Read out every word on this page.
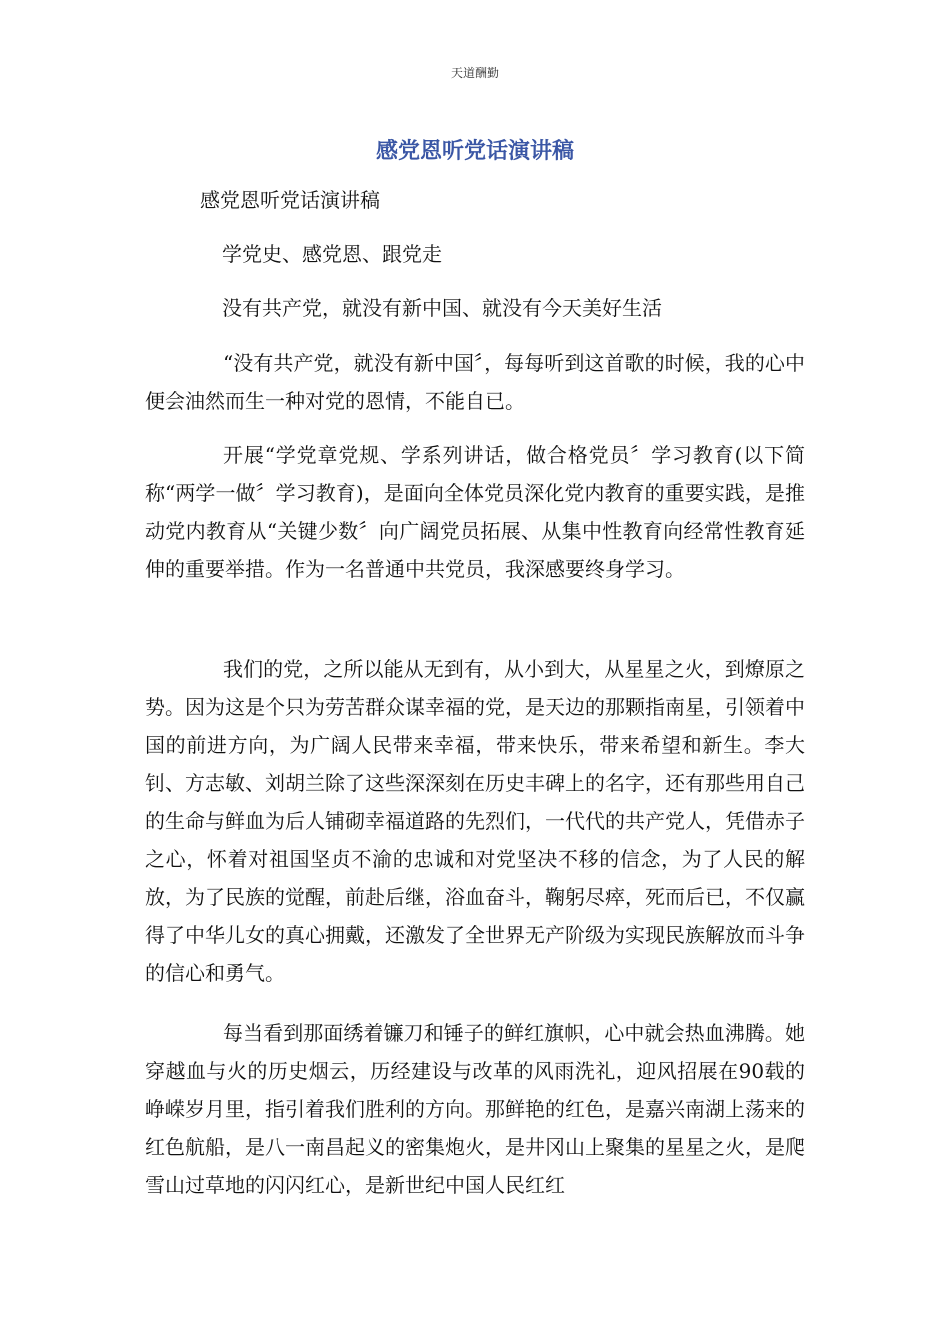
天道酬勤
感党恩听党话演讲稿
感党恩听党话演讲稿
学党史、感党恩、跟党走
没有共产党，就没有新中国、就没有今天美好生活

“没有共产党，就没有新中国〞，每每听到这首歌的时候，我的心中便会油然而生一种对党的恩情，不能自已。

开展“学党章党规、学系列讲话，做合格党员〞学习教育(以下简称“两学一做〞学习教育)，是面向全体党员深化党内教育的重要实践，是推动党内教育从“关键少数〞向广阔党员拓展、从集中性教育向经常性教育延伸的重要举措。作为一名普通中共党员，我深感要终身学习。

我们的党，之所以能从无到有，从小到大，从星星之火，到燎原之势。因为这是个只为劳苦群众谋幸福的党，是天边的那颗指南星，引领着中国的前进方向，为广阔人民带来幸福，带来快乐，带来希望和新生。李大钊、方志敏、刘胡兰除了这些深深刻在历史丰碑上的名字，还有那些用自己的生命与鲜血为后人铺砌幸福道路的先烈们，一代代的共产党人，凭借赤子之心，怀着对祖国坚贞不渝的忠诚和对党坚决不移的信念，为了人民的解放，为了民族的觉醒，前赴后继，浴血奋斗，鞠躬尽瘁，死而后已，不仅赢得了中华儿女的真心拥戴，还激发了全世界无产阶级为实现民族解放而斗争的信心和勇气。

每当看到那面绣着镰刀和锤子的鲜红旗帜，心中就会热血沸腾。她穿越血与火的历史烟云，历经建设与改革的风雨洗礼，迎风招展在90载的峥嵘岁月里，指引着我们胜利的方向。那鲜艳的红色，是嘉兴南湖上荡来的红色航船，是八一南昌起义的密集炮火，是井冈山上聚集的星星之火，是爬雪山过草地的闪闪红心，是新世纪中国人民红红
